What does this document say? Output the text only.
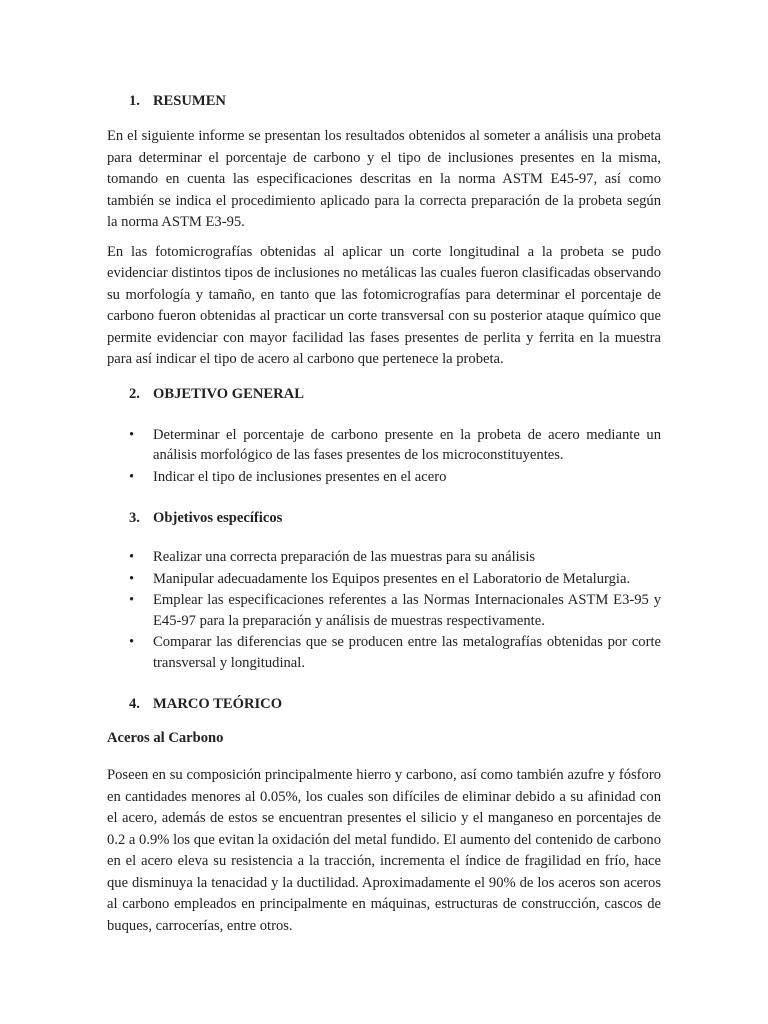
1. RESUMEN

En el siguiente informe se presentan los resultados obtenidos al someter a análisis una probeta para determinar el porcentaje de carbono y el tipo de inclusiones presentes en la misma, tomando en cuenta las especificaciones descritas en la norma ASTM E45-97, así como también se indica el procedimiento aplicado para la correcta preparación de la probeta según la norma ASTM E3-95.

En las fotomicrografías obtenidas al aplicar un corte longitudinal a la probeta se pudo evidenciar distintos tipos de inclusiones no metálicas las cuales fueron clasificadas observando su morfología y tamaño, en tanto que las fotomicrografías para determinar el porcentaje de carbono fueron obtenidas al practicar un corte transversal con su posterior ataque químico que permite evidenciar con mayor facilidad las fases presentes de perlita y ferrita en la muestra para así indicar el tipo de acero al carbono que pertenece la probeta.

2. OBJETIVO GENERAL
• Determinar el porcentaje de carbono presente en la probeta de acero mediante un análisis morfológico de las fases presentes de los microconstituyentes.
• Indicar el tipo de inclusiones presentes en el acero
3. Objetivos específicos
• Realizar una correcta preparación de las muestras para su análisis
• Manipular adecuadamente los Equipos presentes en el Laboratorio de Metalurgia.
• Emplear las especificaciones referentes a las Normas Internacionales ASTM E3-95 y E45-97 para la preparación y análisis de muestras respectivamente.
• Comparar las diferencias que se producen entre las metalografías obtenidas por corte transversal y longitudinal.
4. MARCO TEÓRICO
Aceros al Carbono

Poseen en su composición principalmente hierro y carbono, así como también azufre y fósforo en cantidades menores al 0.05%, los cuales son difíciles de eliminar debido a su afinidad con el acero, además de estos se encuentran presentes el silicio y el manganeso en porcentajes de 0.2 a 0.9% los que evitan la oxidación del metal fundido. El aumento del contenido de carbono en el acero eleva su resistencia a la tracción, incrementa el índice de fragilidad en frío, hace que disminuya la tenacidad y la ductilidad. Aproximadamente el 90% de los aceros son aceros al carbono empleados en principalmente en máquinas, estructuras de construcción, cascos de buques, carrocerías, entre otros.
